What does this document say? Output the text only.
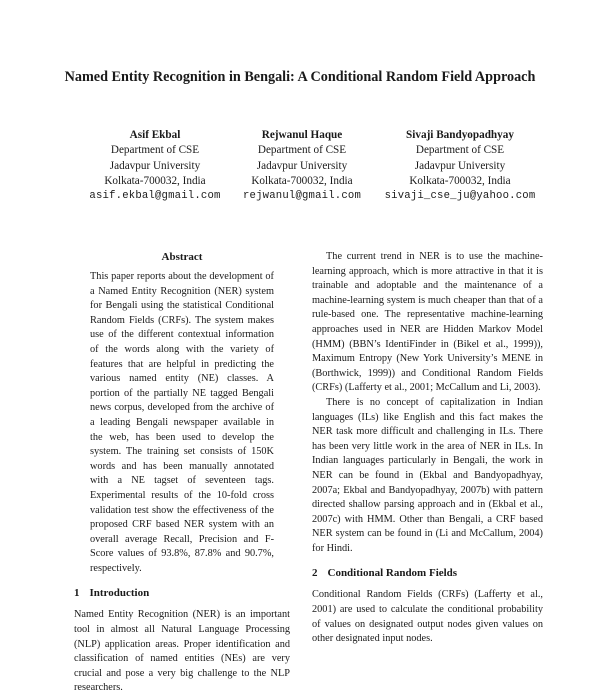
Named Entity Recognition in Bengali: A Conditional Random Field Approach
Asif Ekbal
Department of CSE
Jadavpur University
Kolkata-700032, India
asif.ekbal@gmail.com
Rejwanul Haque
Department of CSE
Jadavpur University
Kolkata-700032, India
rejwanul@gmail.com
Sivaji Bandyopadhyay
Department of CSE
Jadavpur University
Kolkata-700032, India
sivaji_cse_ju@yahoo.com
Abstract

This paper reports about the development of a Named Entity Recognition (NER) system for Bengali using the statistical Conditional Random Fields (CRFs). The system makes use of the different contextual information of the words along with the variety of features that are helpful in predicting the various named entity (NE) classes. A portion of the partially NE tagged Bengali news corpus, developed from the archive of a leading Bengali newspaper available in the web, has been used to develop the system. The training set consists of 150K words and has been manually annotated with a NE tagset of seventeen tags. Experimental results of the 10-fold cross validation test show the effectiveness of the proposed CRF based NER system with an overall average Recall, Precision and F-Score values of 93.8%, 87.8% and 90.7%, respectively.

1 Introduction

Named Entity Recognition (NER) is an important tool in almost all Natural Language Processing (NLP) application areas. Proper identification and classification of named entities (NEs) are very crucial and pose a very big challenge to the NLP researchers.

The current trend in NER is to use the machine-learning approach, which is more attractive in that it is trainable and adoptable and the maintenance of a machine-learning system is much cheaper than that of a rule-based one. The representative machine-learning approaches used in NER are Hidden Markov Model (HMM) (BBN’s IdentiFinder in (Bikel et al., 1999)), Maximum Entropy (New York University’s MENE in (Borthwick, 1999)) and Conditional Random Fields (CRFs) (Lafferty et al., 2001; McCallum and Li, 2003).

There is no concept of capitalization in Indian languages (ILs) like English and this fact makes the NER task more difficult and challenging in ILs. There has been very little work in the area of NER in ILs. In Indian languages particularly in Bengali, the work in NER can be found in (Ekbal and Bandyopadhyay, 2007a; Ekbal and Bandyopadhyay, 2007b) with pattern directed shallow parsing approach and in (Ekbal et al., 2007c) with HMM. Other than Bengali, a CRF based NER system can be found in (Li and McCallum, 2004) for Hindi.

2 Conditional Random Fields

Conditional Random Fields (CRFs) (Lafferty et al., 2001) are used to calculate the conditional probability of values on designated output nodes given values on other designated input nodes.
